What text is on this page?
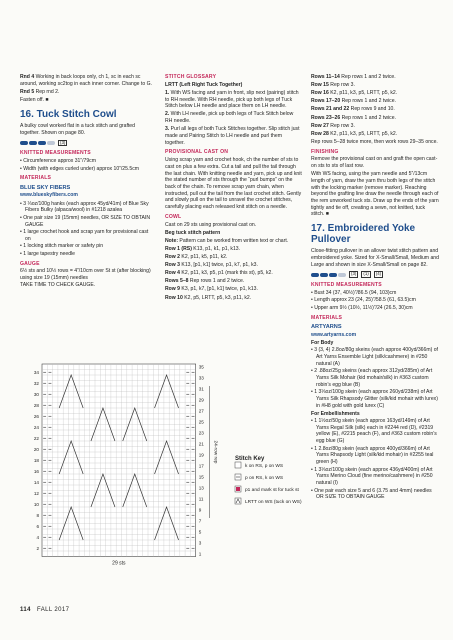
Rnd 4 Working in back loops only, ch 1, sc in each sc around, working sc2tog in each inner corner. Change to G.

Rnd 5 Rep rnd 2.

Fasten off. ■

16. Tuck Stitch Cowl

A bulky cowl worked flat in a tuck stitch and grafted together. Shown on page 80.

(3)
KNITTED MEASUREMENTS

• Circumference approx 31”/79cm

• Width (with edges curled under) approx 10”/25.5cm

MATERIALS
BLUE SKY FIBERS

www.blueskyfibers.com

• 3 ⅓oz/100g hanks (each approx 45yd/41m) of Blue Sky Fibers Bulky (alpaca/wool) in #1218 azalea

• One pair size 19 (15mm) needles, OR SIZE TO OBTAIN GAUGE

• 1 large crochet hook and scrap yarn for provisional cast on

• 1 locking stitch marker or safety pin

• 1 large tapestry needle

GAUGE

6½ sts and 10½ rows = 4”/10cm over St st (after blocking) using size 19 (15mm) needles

TAKE TIME TO CHECK GAUGE.

STITCH GLOSSARY

LRTT (Left Right Tuck Together)

1. With WS facing and yarn in front, slip next (pairing) stitch to RH needle. With RH needle, pick up both legs of Tuck Stitch below LH needle and place them on LH needle.

2. With LH needle, pick up both legs of Tuck Stitch below RH needle.

3. Purl all legs of both Tuck Stitches together. Slip stitch just made and Pairing Stitch to LH needle and purl them together.

PROVISIONAL CAST ON

Using scrap yarn and crochet hook, ch the number of sts to cast on plus a few extra. Cut a tail and pull the tail through the last chain. With knitting needle and yarn, pick up and knit the stated number of sts through the “purl bumps” on the back of the chain. To remove scrap yarn chain, when instructed, pull out the tail from the last crochet stitch. Gently and slowly pull on the tail to unravel the crochet stitches, carefully placing each released knit stitch on a needle.

COWL

Cast on 29 sts using provisional cast on.

Beg tuck stitch pattern

Note: Pattern can be worked from written text or chart.

Row 1 (RS) K13, p1, k1, p1, k13.

Row 2 K2, p11, k5, p11, k2.

Row 3 K13, [p1, k1] twice, p1, k7, p1, k3.

Row 4 K2, p11, k3, p5, p1 (mark this st), p5, k2.

Rows 5–8 Rep rows 1 and 2 twice.

Row 9 K3, p1, k7, [p1, k1] twice, p1, k13.

Row 10 K2, p5, LRTT, p5, k3, p11, k2.

Rows 11–14 Rep rows 1 and 2 twice.

Row 15 Rep row 3.

Row 16 K2, p11, k3, p5, LRTT, p5, k2.

Rows 17–20 Rep rows 1 and 2 twice.

Rows 21 and 22 Rep rows 9 and 10.

Rows 23–26 Rep rows 1 and 2 twice.

Row 27 Rep row 3.

Row 28 K2, p11, k3, p5, LRTT, p5, k2.

Rep rows 5–28 twice more, then work rows 29–35 once.

FINISHING

Remove the provisional cast on and graft the open cast-on sts to sts of last row.

With WS facing, using the yarn needle and 5”/13cm length of yarn, draw the yarn thru both legs of the stitch with the locking marker (remove marker). Reaching beyond the grafting line draw the needle through each of the rem unworked tuck sts. Draw up the ends of the yarn tightly and tie off, creating a sewn, not knitted, tuck stitch. ■

17. Embroidered Yoke Pullover

Close-fitting pullover in an allover twist stitch pattern and embroidered yoke. Sized for X-Small/Small, Medium and Large and shown in size X-Small/Small on page 82.

(3)	(1)	(4)
KNITTED MEASUREMENTS

• Bust 34 (37, 40½)”/86.5 (94, 103)cm

• Length approx 23 (24, 25)”/58.5 (61, 63.5)cm

• Upper arm 9½ (10½, 11½)”/24 (26.5, 30)cm

MATERIALS
ARTYARNS

www.artyarns.com

For Body

• 3 (3, 4) 2.8oz/80g skeins (each approx 400yd/366m) of Art Yarns Ensemble Light (silk/cashmere) in #250 natural (A)

• 2 .88oz/25g skeins (each approx 312yd/285m) of Art Yarns Silk Mohair (kid mohair/silk) in #363 custom robin’s egg blue (B)

• 1 3⅓oz/100g skein (each approx 260yd/238m) of Art Yarns Silk Rhapsody Glitter (silk/kid mohair with lurex) in #H8 gold with gold lurex (C)

For Embellishments

• 1 1½oz/50g skein (each approx 163yd/149m) of Art Yarns Regal Silk (silk) each in #2244 red (D), #2319 yellow (E), #2215 peach (F), and #363 custom robin’s egg blue (G)

• 1 2.8oz/80g skein (each approx 400yd/366m) of Art Yarns Rhapsody Light (silk/kid mohair) in #2255 teal green (H)

• 1 3⅓oz/100g skein (each approx 436yd/400m) of Art Yarns Merino Cloud (fine merino/cashmere) in #250 natural (I)

• One pair each size 5 and 6 (3.75 and 4mm) needles OR SIZE TO OBTAIN GAUGE

34
32
30
28
26
24
22
20
18
16
14
12
10
8
6
4
2
35
33
31
29
27
25
23
21
19
17
15
13
11
9
7
5
3
1
29 sts
24-row rep	Stitch Key
k on RS, p on WS
p on RS, k on WS
p1 and mark st for tuck st
LRTT on WS (tuck on WS)
114 FALL 2017
